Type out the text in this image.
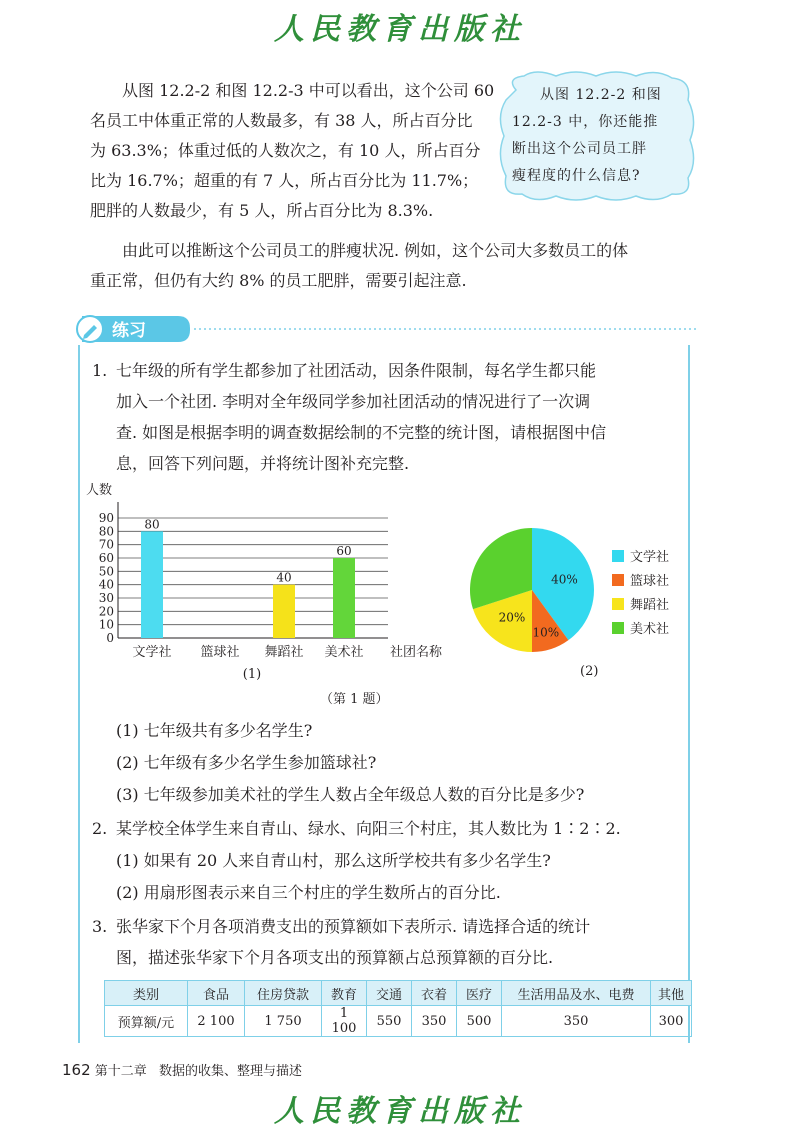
人民教育出版社
从图 12.2-2 和图 12.2-3 中可以看出，这个公司 60
名员工中体重正常的人数最多，有 38 人，所占百分比
为 63.3%；体重过低的人数次之，有 10 人，所占百分
比为 16.7%；超重的有 7 人，所占百分比为 11.7%；
肥胖的人数最少，有 5 人，所占百分比为 8.3%.
由此可以推断这个公司员工的胖瘦状况. 例如，这个公司大多数员工的体
重正常，但仍有大约 8% 的员工肥胖，需要引起注意.
从图 12.2-2 和图
12.2-3 中，你还能推
断出这个公司员工胖
瘦程度的什么信息?
练习
1. 七年级的所有学生都参加了社团活动，因条件限制，每名学生都只能
加入一个社团. 李明对全年级同学参加社团活动的情况进行了一次调
查. 如图是根据李明的调查数据绘制的不完整的统计图，请根据图中信
息，回答下列问题，并将统计图补充完整.
人数
0
10
20
30
40
50
60
70
80
90	80
文学社 篮球社
40
舞蹈社
60
美术社 社团名称
(1)
40%
10%
20%
(2)
文学社
篮球社
舞蹈社
美术社
（第 1 题）
(1) 七年级共有多少名学生?
(2) 七年级有多少名学生参加篮球社?
(3) 七年级参加美术社的学生人数占全年级总人数的百分比是多少?
2. 某学校全体学生来自青山、绿水、向阳三个村庄，其人数比为 1∶2∶2.
(1) 如果有 20 人来自青山村，那么这所学校共有多少名学生?
(2) 用扇形图表示来自三个村庄的学生数所占的百分比.
3. 张华家下个月各项消费支出的预算额如下表所示. 请选择合适的统计
图，描述张华家下个月各项支出的预算额占总预算额的百分比.
类别	食品	住房贷款	教育	交通	衣着	医疗	生活用品及水、电费	其他
预算额/元	2 100	1 750	1 100	550	350	500	350	300
162 第十二章 数据的收集、整理与描述
人民教育出版社
